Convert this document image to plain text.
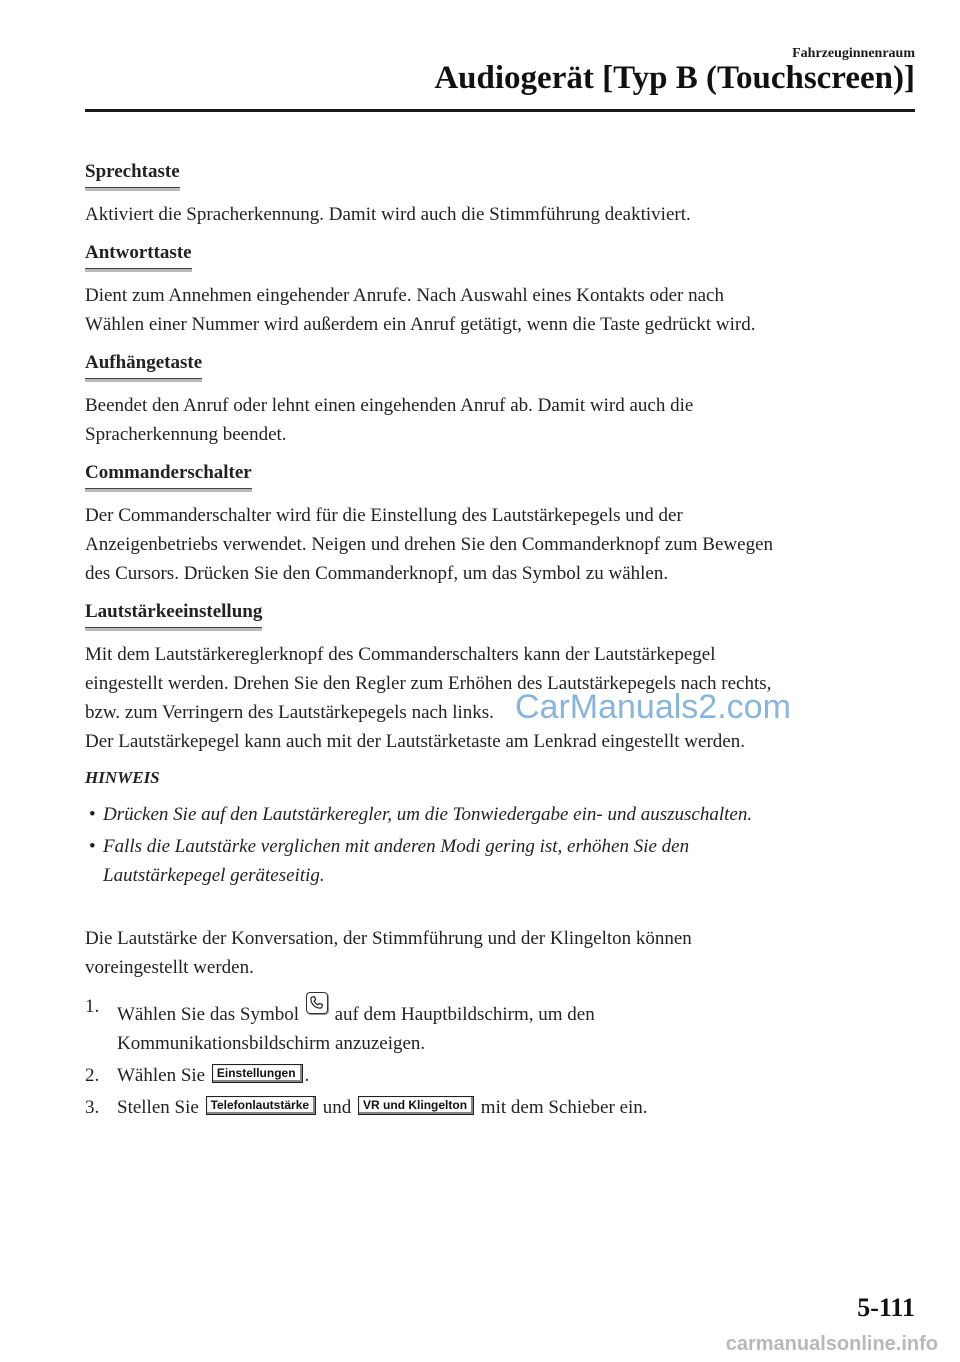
Fahrzeuginnenraum
Audiogerät [Typ B (Touchscreen)]
Sprechtaste

Aktiviert die Spracherkennung. Damit wird auch die Stimmführung deaktiviert.

Antworttaste

Dient zum Annehmen eingehender Anrufe. Nach Auswahl eines Kontakts oder nach

Wählen einer Nummer wird außerdem ein Anruf getätigt, wenn die Taste gedrückt wird.

Aufhängetaste

Beendet den Anruf oder lehnt einen eingehenden Anruf ab. Damit wird auch die

Spracherkennung beendet.

Commanderschalter

Der Commanderschalter wird für die Einstellung des Lautstärkepegels und der

Anzeigenbetriebs verwendet. Neigen und drehen Sie den Commanderknopf zum Bewegen

des Cursors. Drücken Sie den Commanderknopf, um das Symbol zu wählen.

Lautstärkeeinstellung

Mit dem Lautstärkereglerknopf des Commanderschalters kann der Lautstärkepegel

eingestellt werden. Drehen Sie den Regler zum Erhöhen des Lautstärkepegels nach rechts,

bzw. zum Verringern des Lautstärkepegels nach links.

Der Lautstärkepegel kann auch mit der Lautstärketaste am Lenkrad eingestellt werden.

HINWEIS
• Drücken Sie auf den Lautstärkeregler, um die Tonwiedergabe ein- und auszuschalten.
• Falls die Lautstärke verglichen mit anderen Modi gering ist, erhöhen Sie den
Lautstärkepegel geräteseitig.
Die Lautstärke der Konversation, der Stimmführung und der Klingelton können
voreingestellt werden.
1. Wählen Sie das Symbol auf dem Hauptbildschirm, um den
Kommunikationsbildschirm anzuzeigen.
2. Wählen Sie Einstellungen .
3. Stellen Sie Telefonlautstärke und VR und Klingelton mit dem Schieber ein.
CarManuals2.com
5-111
carmanualsonline.info
